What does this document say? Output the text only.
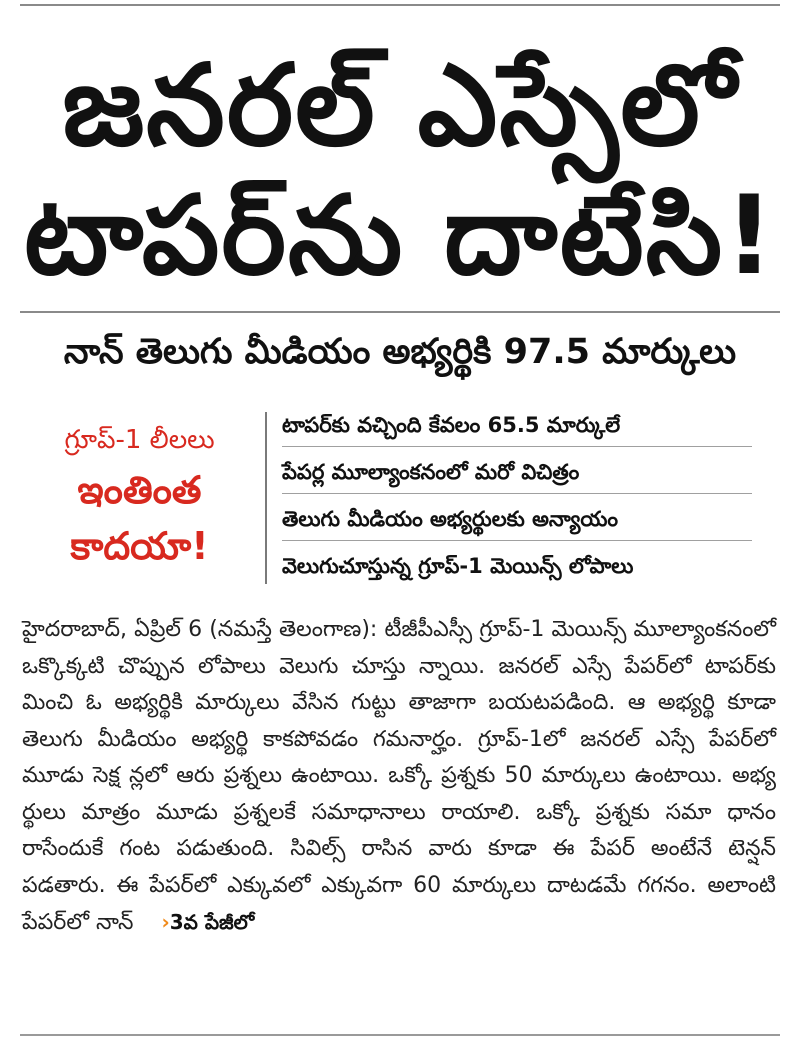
జనరల్ ఎస్సేలో
టాపర్‌ను దాటేసి!
నాన్ తెలుగు మీడియం అభ్యర్థికి 97.5 మార్కులు
గ్రూప్-1 లీలలు
ఇంతింత
కాదయా!
టాపర్‌కు వచ్చింది కేవలం 65.5 మార్కులే
పేపర్ల మూల్యాంకనంలో మరో విచిత్రం
తెలుగు మీడియం అభ్యర్థులకు అన్యాయం
వెలుగుచూస్తున్న గ్రూప్-1 మెయిన్స్ లోపాలు

హైదరాబాద్, ఏప్రిల్ 6 (నమస్తే తెలంగాణ): టీజీపీఎస్సీ గ్రూప్-1 మెయిన్స్ మూల్యాంకనంలో ఒక్కొక్కటి చొప్పున లోపాలు వెలుగు చూస్తు న్నాయి. జనరల్ ఎస్సే పేపర్‌లో టాపర్‌కు మించి ఓ అభ్యర్థికి మార్కులు వేసిన గుట్టు తాజాగా బయటపడింది. ఆ అభ్యర్థి కూడా తెలుగు మీడియం అభ్యర్థి కాకపోవడం గమనార్హం. గ్రూప్-1లో జనరల్ ఎస్సే పేపర్‌లో మూడు సెక్ష న్లలో ఆరు ప్రశ్నలు ఉంటాయి. ఒక్కో ప్రశ్నకు 50 మార్కులు ఉంటాయి. అభ్య ర్థులు మాత్రం మూడు ప్రశ్నలకే సమాధానాలు రాయాలి. ఒక్కో ప్రశ్నకు సమా ధానం రాసేందుకే గంట పడుతుంది. సివిల్స్ రాసిన వారు కూడా ఈ పేపర్ అంటేనే టెన్షన్ పడతారు. ఈ పేపర్‌లో ఎక్కువలో ఎక్కువగా 60 మార్కులు దాటడమే గగనం. అలాంటి పేపర్‌లో నాన్ ›3వ పేజీలో
